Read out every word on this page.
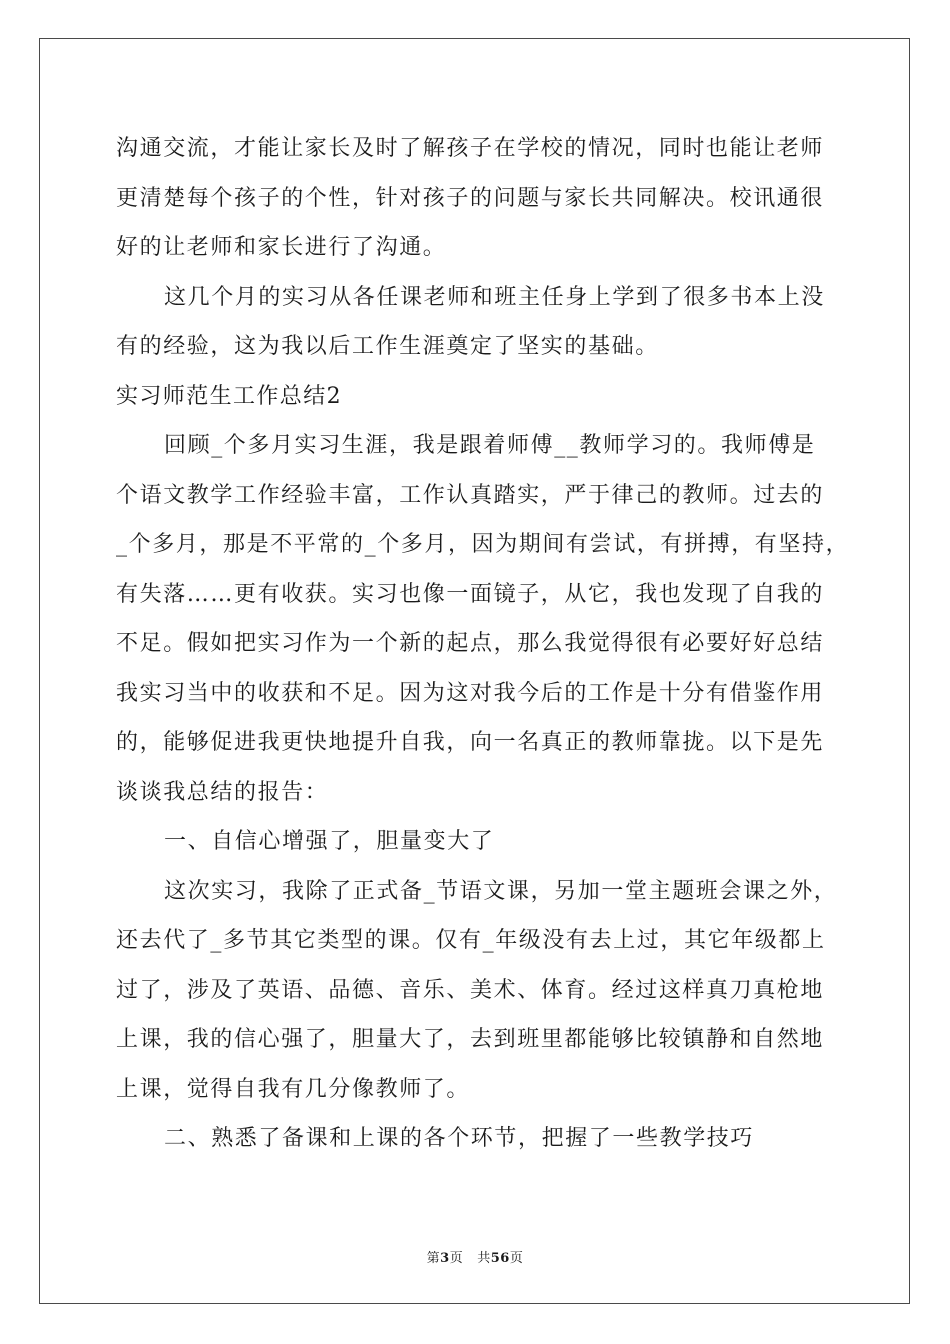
沟通交流，才能让家长及时了解孩子在学校的情况，同时也能让老师
更清楚每个孩子的个性，针对孩子的问题与家长共同解决。校讯通很
好的让老师和家长进行了沟通。
这几个月的实习从各任课老师和班主任身上学到了很多书本上没
有的经验，这为我以后工作生涯奠定了坚实的基础。
实习师范生工作总结2
回顾_个多月实习生涯，我是跟着师傅__教师学习的。我师傅是
个语文教学工作经验丰富，工作认真踏实，严于律己的教师。过去的
_个多月，那是不平常的_个多月，因为期间有尝试，有拼搏，有坚持，
有失落……更有收获。实习也像一面镜子，从它，我也发现了自我的
不足。假如把实习作为一个新的起点，那么我觉得很有必要好好总结
我实习当中的收获和不足。因为这对我今后的工作是十分有借鉴作用
的，能够促进我更快地提升自我，向一名真正的教师靠拢。以下是先
谈谈我总结的报告：
一、自信心增强了，胆量变大了
这次实习，我除了正式备_节语文课，另加一堂主题班会课之外，
还去代了_多节其它类型的课。仅有_年级没有去上过，其它年级都上
过了，涉及了英语、品德、音乐、美术、体育。经过这样真刀真枪地
上课，我的信心强了，胆量大了，去到班里都能够比较镇静和自然地
上课，觉得自我有几分像教师了。
二、熟悉了备课和上课的各个环节，把握了一些教学技巧
第3页 共56页
